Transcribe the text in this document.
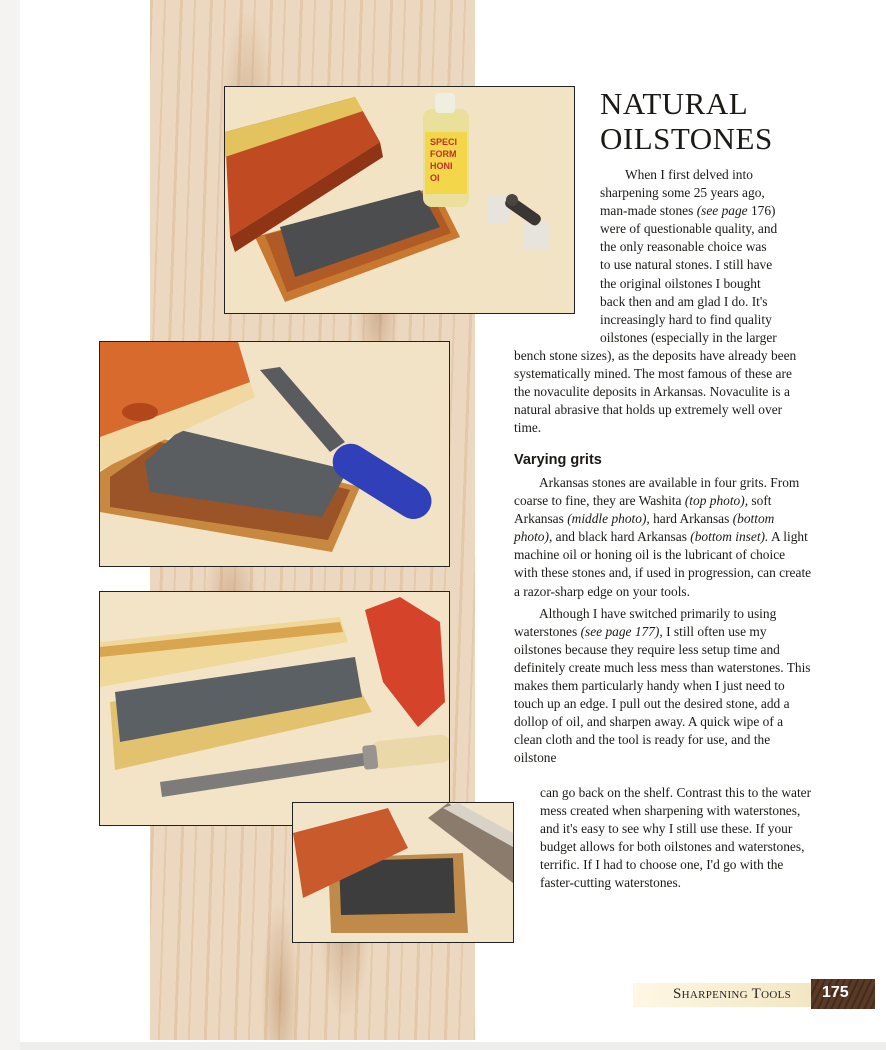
SPECI
FORM
HONI
OI
NATURAL
OILSTONES

When I first delved into
sharpening some 25 years ago,
man-made stones (see page 176)
were of questionable quality, and
the only reasonable choice was
to use natural stones. I still have
the original oilstones I bought
back then and am glad I do. It's
increasingly hard to find quality
oilstones (especially in the larger

bench stone sizes), as the deposits have already been systematically mined. The most famous of these are the novaculite deposits in Arkansas. Novaculite is a natural abrasive that holds up extremely well over time.

Varying grits

Arkansas stones are available in four grits. From coarse to fine, they are Washita (top photo), soft Arkansas (middle photo), hard Arkansas (bottom photo), and black hard Arkansas (bottom inset). A light machine oil or honing oil is the lubricant of choice with these stones and, if used in progression, can create a razor-sharp edge on your tools.

Although I have switched primarily to using waterstones (see page 177), I still often use my oilstones because they require less setup time and definitely create much less mess than waterstones. This makes them particularly handy when I just need to touch up an edge. I pull out the desired stone, add a dollop of oil, and sharpen away. A quick wipe of a clean cloth and the tool is ready for use, and the oilstone

can go back on the shelf. Contrast this to the water mess created when sharpening with waterstones, and it's easy to see why I still use these. If your budget allows for both oilstones and waterstones, terrific. If I had to choose one, I'd go with the faster-cutting waterstones.

Sharpening Tools 175
